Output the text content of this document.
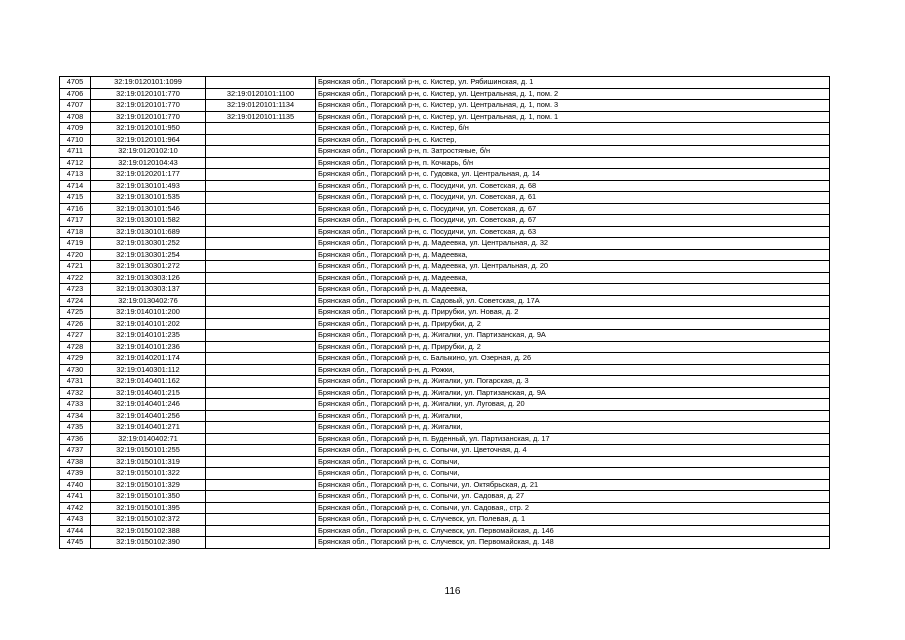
4705	32:19:0120101:1099		Брянская обл., Погарский р-н, с. Кистер, ул. Рябишинская, д. 1
4706	32:19:0120101:770	32:19:0120101:1100	Брянская обл., Погарский р-н, с. Кистер, ул. Центральная, д. 1, пом. 2
4707	32:19:0120101:770	32:19:0120101:1134	Брянская обл., Погарский р-н, с. Кистер, ул. Центральная, д. 1, пом. 3
4708	32:19:0120101:770	32:19:0120101:1135	Брянская обл., Погарский р-н, с. Кистер, ул. Центральная, д. 1, пом. 1
4709	32:19:0120101:950		Брянская обл., Погарский р-н, с. Кистер, б/н
4710	32:19:0120101:964		Брянская обл., Погарский р-н, с. Кистер,
4711	32:19:0120102:10		Брянская обл., Погарский р-н, п. Затростяные, б/н
4712	32:19:0120104:43		Брянская обл., Погарский р-н, п. Кочкарь, б/н
4713	32:19:0120201:177		Брянская обл., Погарский р-н, с. Гудовка, ул. Центральная, д. 14
4714	32:19:0130101:493		Брянская обл., Погарский р-н, с. Посудичи, ул. Советская, д. 68
4715	32:19:0130101:535		Брянская обл., Погарский р-н, с. Посудичи, ул. Советская, д. 61
4716	32:19:0130101:546		Брянская обл., Погарский р-н, с. Посудичи, ул. Советская, д. 67
4717	32:19:0130101:582		Брянская обл., Погарский р-н, с. Посудичи, ул. Советская, д. 67
4718	32:19:0130101:689		Брянская обл., Погарский р-н, с. Посудичи, ул. Советская, д. 63
4719	32:19:0130301:252		Брянская обл., Погарский р-н, д. Мадеевка, ул. Центральная, д. 32
4720	32:19:0130301:254		Брянская обл., Погарский р-н, д. Мадеевка,
4721	32:19:0130301:272		Брянская обл., Погарский р-н, д. Мадеевка, ул. Центральная, д. 20
4722	32:19:0130303:126		Брянская обл., Погарский р-н, д. Мадеевка,
4723	32:19:0130303:137		Брянская обл., Погарский р-н, д. Мадеевка,
4724	32:19:0130402:76		Брянская обл., Погарский р-н, п. Садовый, ул. Советская, д. 17А
4725	32:19:0140101:200		Брянская обл., Погарский р-н, д. Прирубки, ул. Новая, д. 2
4726	32:19:0140101:202		Брянская обл., Погарский р-н, д. Прирубки, д. 2
4727	32:19:0140101:235		Брянская обл., Погарский р-н, д. Жигалки, ул. Партизанская, д. 9А
4728	32:19:0140101:236		Брянская обл., Погарский р-н, д. Прирубки, д. 2
4729	32:19:0140201:174		Брянская обл., Погарский р-н, с. Балыкино, ул. Озерная, д. 26
4730	32:19:0140301:112		Брянская обл., Погарский р-н, д. Рожки,
4731	32:19:0140401:162		Брянская обл., Погарский р-н, д. Жигалки, ул. Погарская, д. 3
4732	32:19:0140401:215		Брянская обл., Погарский р-н, д. Жигалки, ул. Партизанская, д. 9А
4733	32:19:0140401:246		Брянская обл., Погарский р-н, д. Жигалки, ул. Луговая, д. 20
4734	32:19:0140401:256		Брянская обл., Погарский р-н, д. Жигалки,
4735	32:19:0140401:271		Брянская обл., Погарский р-н, д. Жигалки,
4736	32:19:0140402:71		Брянская обл., Погарский р-н, п. Буденный, ул. Партизанская, д. 17
4737	32:19:0150101:255		Брянская обл., Погарский р-н, с. Сопычи, ул. Цветочная, д. 4
4738	32:19:0150101:319		Брянская обл., Погарский р-н, с. Сопычи,
4739	32:19:0150101:322		Брянская обл., Погарский р-н, с. Сопычи,
4740	32:19:0150101:329		Брянская обл., Погарский р-н, с. Сопычи, ул. Октябрьская, д. 21
4741	32:19:0150101:350		Брянская обл., Погарский р-н, с. Сопычи, ул. Садовая, д. 27
4742	32:19:0150101:395		Брянская обл., Погарский р-н, с. Сопычи, ул. Садовая,, стр. 2
4743	32:19:0150102:372		Брянская обл., Погарский р-н, с. Случевск, ул. Полевая, д. 1
4744	32:19:0150102:388		Брянская обл., Погарский р-н, с. Случевск, ул. Первомайская, д. 146
4745	32:19:0150102:390		Брянская обл., Погарский р-н, с. Случевск, ул. Первомайская, д. 148
116
